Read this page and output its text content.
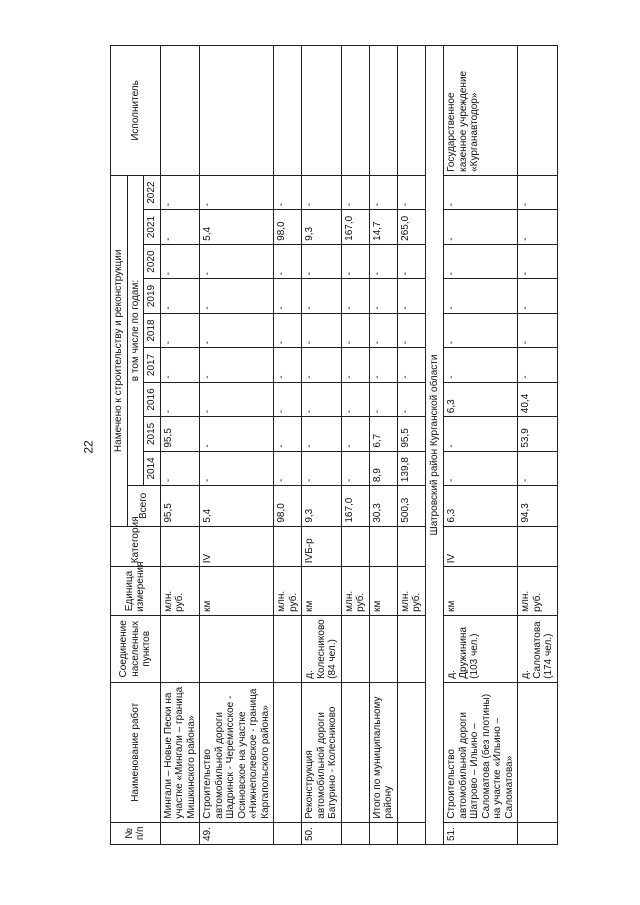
22
№ п/п	Наименование работ	Соединение населенных пунктов	Единица измерения	Категория	Намечено к строительству и реконструкции										Исполнитель
					Всего	в том числе по годам:									
						2014	2015	2016	2017	2018	2019	2020	2021	2022	
	Мингали – Новые Пески на участке «Мингали – граница Мишкинского района»		млн. руб.		95,5	-	95,5	-	-	-	-	-	-	-	
49.	Строительство автомобильной дороги Шадринск - Черемисское - Осиновское на участке «Нижнеполевское - граница Каргапольского района»		км	IV	5,4	-	-	-	-	-	-	-	5,4	-	
			млн. руб.		98,0	-	-	-	-	-	-	-	98,0	-	
50.	Реконструкция автомобильной дороги Батурино - Колесниково	д. Колесниково (84 чел.)	км	IVБ-р	9,3	-	-	-	-	-	-	-	9,3	-	
			млн. руб.		167,0	-	-	-	-	-	-	-	167,0	-	
	Итого по муниципальному району		км		30,3	8,9	6,7	-	-	-	-	-	14,7	-	
			млн. руб.		500,3	139,8	95,5	-	-	-	-	-	265,0	-	
Шатровский район Курганской области															
51.	Строительство автомобильной дороги Шатрово – Ильино – Саломатова (без плотины) на участке «Ильино – Саломатова»	д. Дружинина (103 чел.)	км	IV	6,3	-	-	6,3	-	-	-	-	-	-	Государственное казенное учреждение «Курганавтодор»
		д. Саломатова (174 чел.)	млн. руб.		94,3	-	53,9	40,4	-	-	-	-	-	-	
